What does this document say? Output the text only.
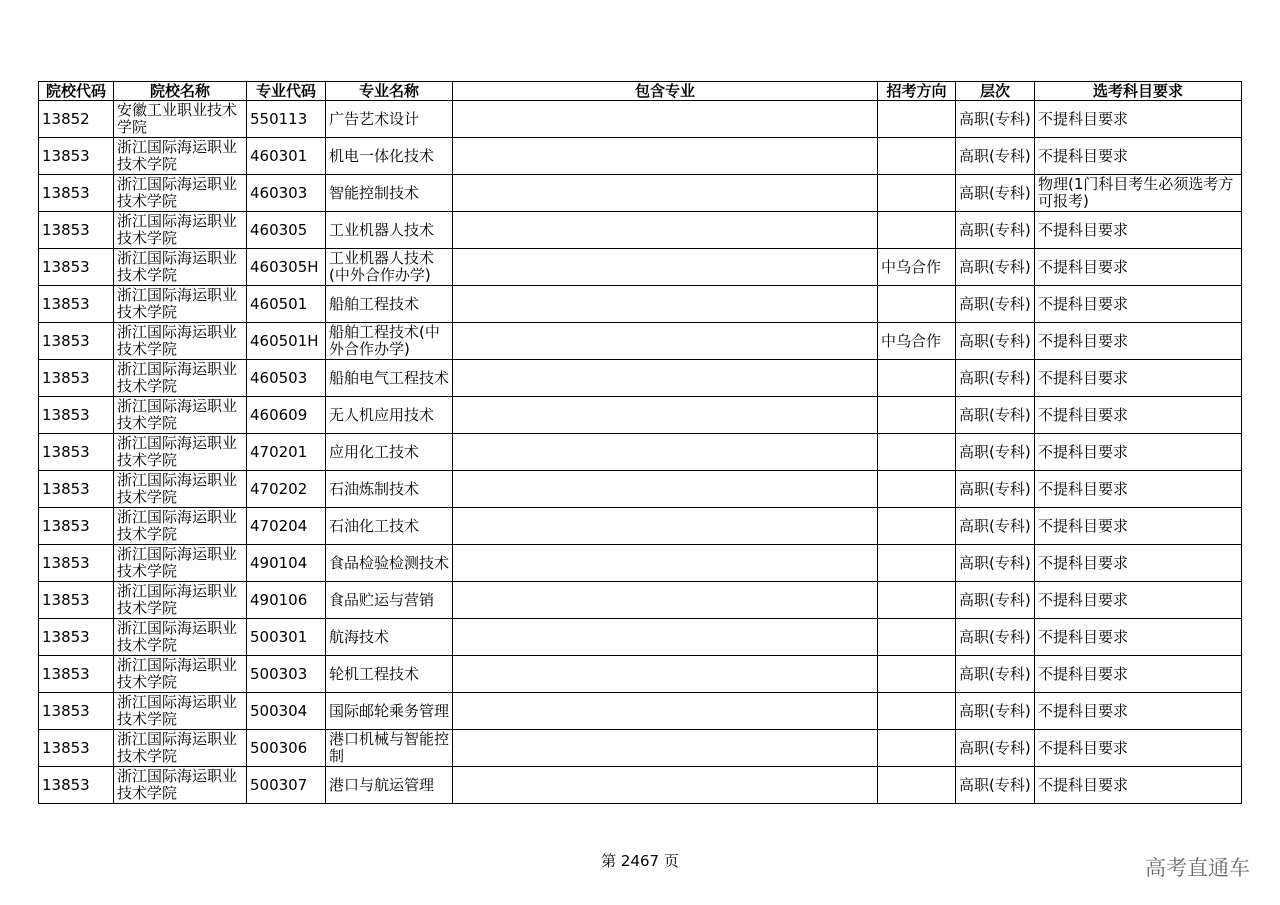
院校代码	院校名称	专业代码	专业名称	包含专业	招考方向	层次	选考科目要求
13852	安徽工业职业技术学院	550113	广告艺术设计			高职(专科)	不提科目要求
13853	浙江国际海运职业技术学院	460301	机电一体化技术			高职(专科)	不提科目要求
13853	浙江国际海运职业技术学院	460303	智能控制技术			高职(专科)	物理(1门科目考生必须选考方可报考)
13853	浙江国际海运职业技术学院	460305	工业机器人技术			高职(专科)	不提科目要求
13853	浙江国际海运职业技术学院	460305H	工业机器人技术(中外合作办学)		中乌合作	高职(专科)	不提科目要求
13853	浙江国际海运职业技术学院	460501	船舶工程技术			高职(专科)	不提科目要求
13853	浙江国际海运职业技术学院	460501H	船舶工程技术(中外合作办学)		中乌合作	高职(专科)	不提科目要求
13853	浙江国际海运职业技术学院	460503	船舶电气工程技术			高职(专科)	不提科目要求
13853	浙江国际海运职业技术学院	460609	无人机应用技术			高职(专科)	不提科目要求
13853	浙江国际海运职业技术学院	470201	应用化工技术			高职(专科)	不提科目要求
13853	浙江国际海运职业技术学院	470202	石油炼制技术			高职(专科)	不提科目要求
13853	浙江国际海运职业技术学院	470204	石油化工技术			高职(专科)	不提科目要求
13853	浙江国际海运职业技术学院	490104	食品检验检测技术			高职(专科)	不提科目要求
13853	浙江国际海运职业技术学院	490106	食品贮运与营销			高职(专科)	不提科目要求
13853	浙江国际海运职业技术学院	500301	航海技术			高职(专科)	不提科目要求
13853	浙江国际海运职业技术学院	500303	轮机工程技术			高职(专科)	不提科目要求
13853	浙江国际海运职业技术学院	500304	国际邮轮乘务管理			高职(专科)	不提科目要求
13853	浙江国际海运职业技术学院	500306	港口机械与智能控制			高职(专科)	不提科目要求
13853	浙江国际海运职业技术学院	500307	港口与航运管理			高职(专科)	不提科目要求
第 2467 页	高考直通车
